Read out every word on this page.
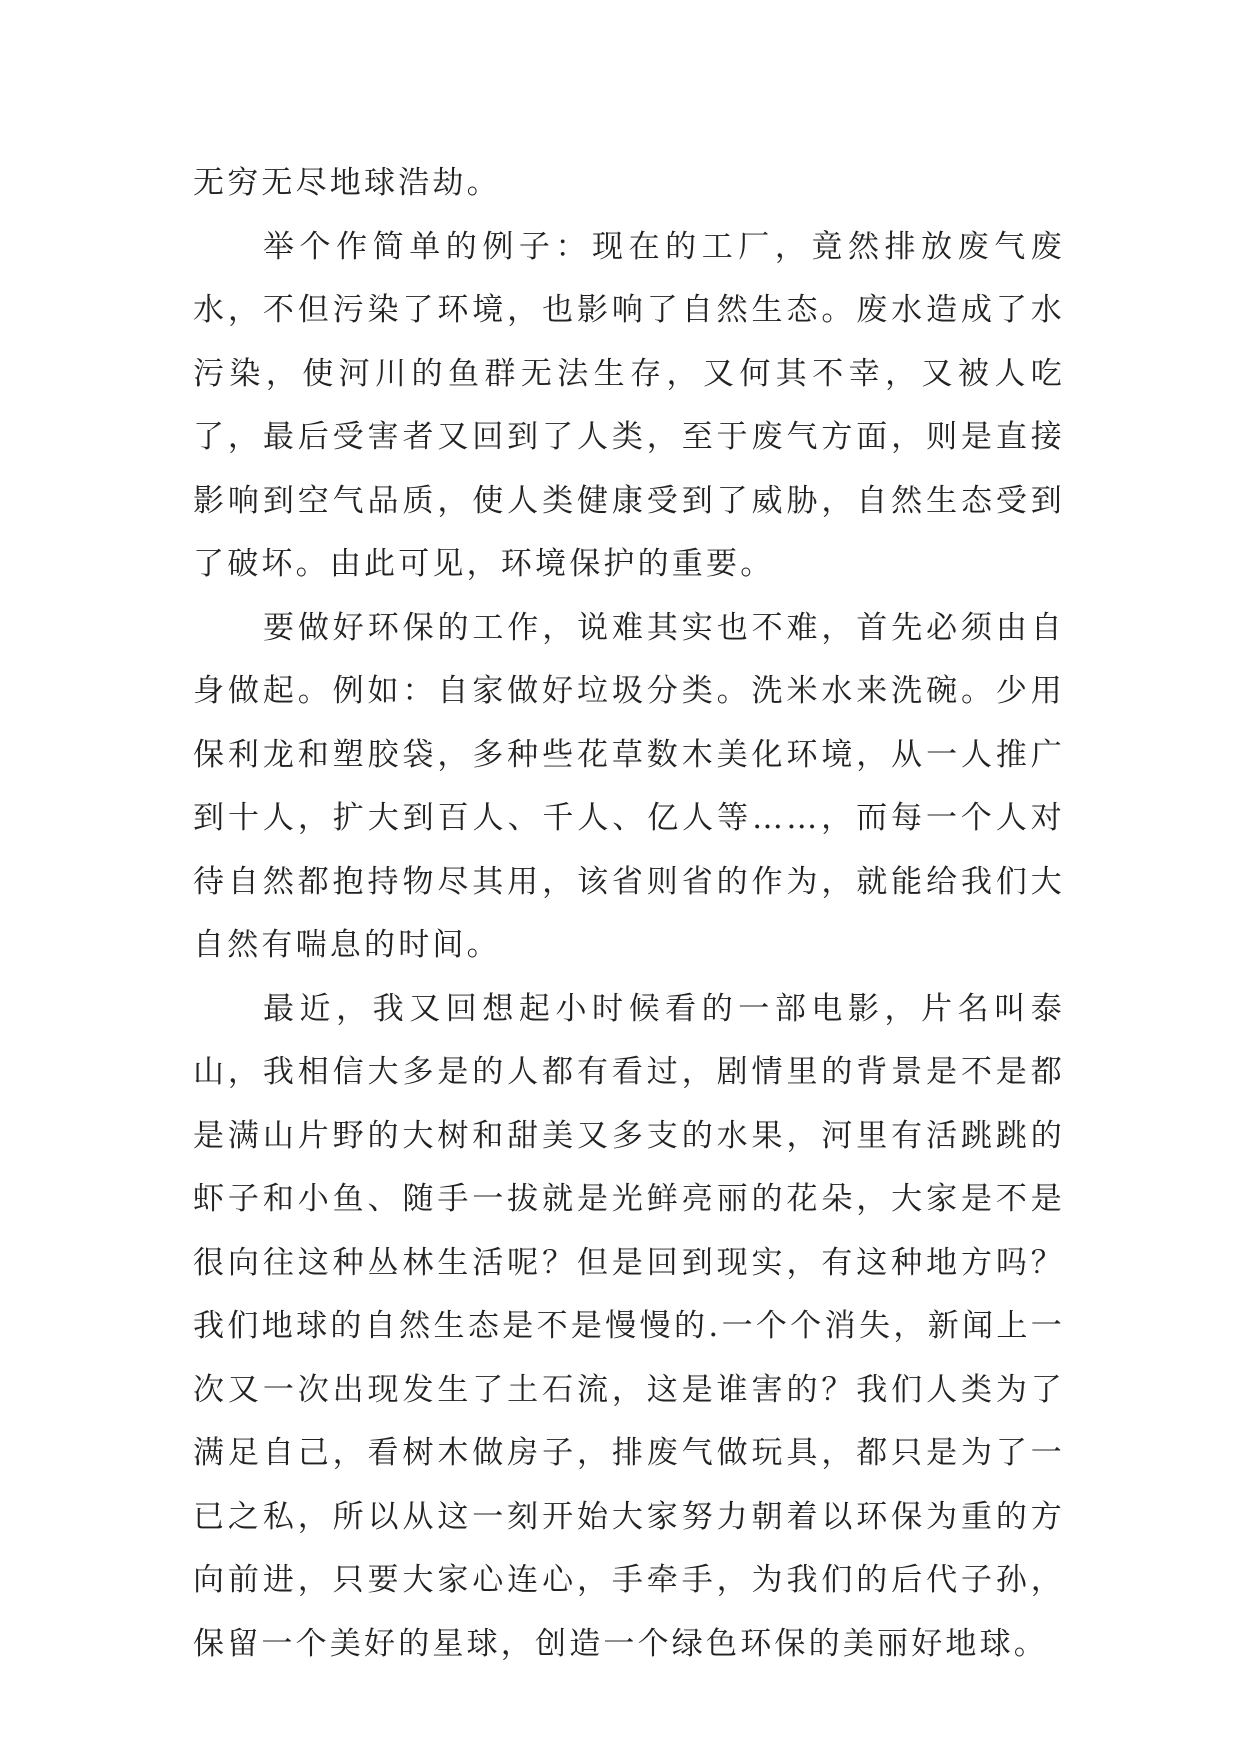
无穷无尽地球浩劫。

举个作简单的例子：现在的工厂，竟然排放废气废水，不但污染了环境，也影响了自然生态。废水造成了水污染，使河川的鱼群无法生存，又何其不幸，又被人吃了，最后受害者又回到了人类，至于废气方面，则是直接影响到空气品质，使人类健康受到了威胁，自然生态受到了破坏。由此可见，环境保护的重要。

要做好环保的工作，说难其实也不难，首先必须由自身做起。例如：自家做好垃圾分类。洗米水来洗碗。少用保利龙和塑胶袋，多种些花草数木美化环境，从一人推广到十人，扩大到百人、千人、亿人等……，而每一个人对待自然都抱持物尽其用，该省则省的作为，就能给我们大自然有喘息的时间。

最近，我又回想起小时候看的一部电影，片名叫泰山，我相信大多是的人都有看过，剧情里的背景是不是都是满山片野的大树和甜美又多支的水果，河里有活跳跳的虾子和小鱼、随手一拔就是光鲜亮丽的花朵，大家是不是很向往这种丛林生活呢？但是回到现实，有这种地方吗？我们地球的自然生态是不是慢慢的.一个个消失，新闻上一次又一次出现发生了土石流，这是谁害的？我们人类为了满足自己，看树木做房子，排废气做玩具，都只是为了一已之私，所以从这一刻开始大家努力朝着以环保为重的方向前进，只要大家心连心，手牵手，为我们的后代子孙，保留一个美好的星球，创造一个绿色环保的美丽好地球。
